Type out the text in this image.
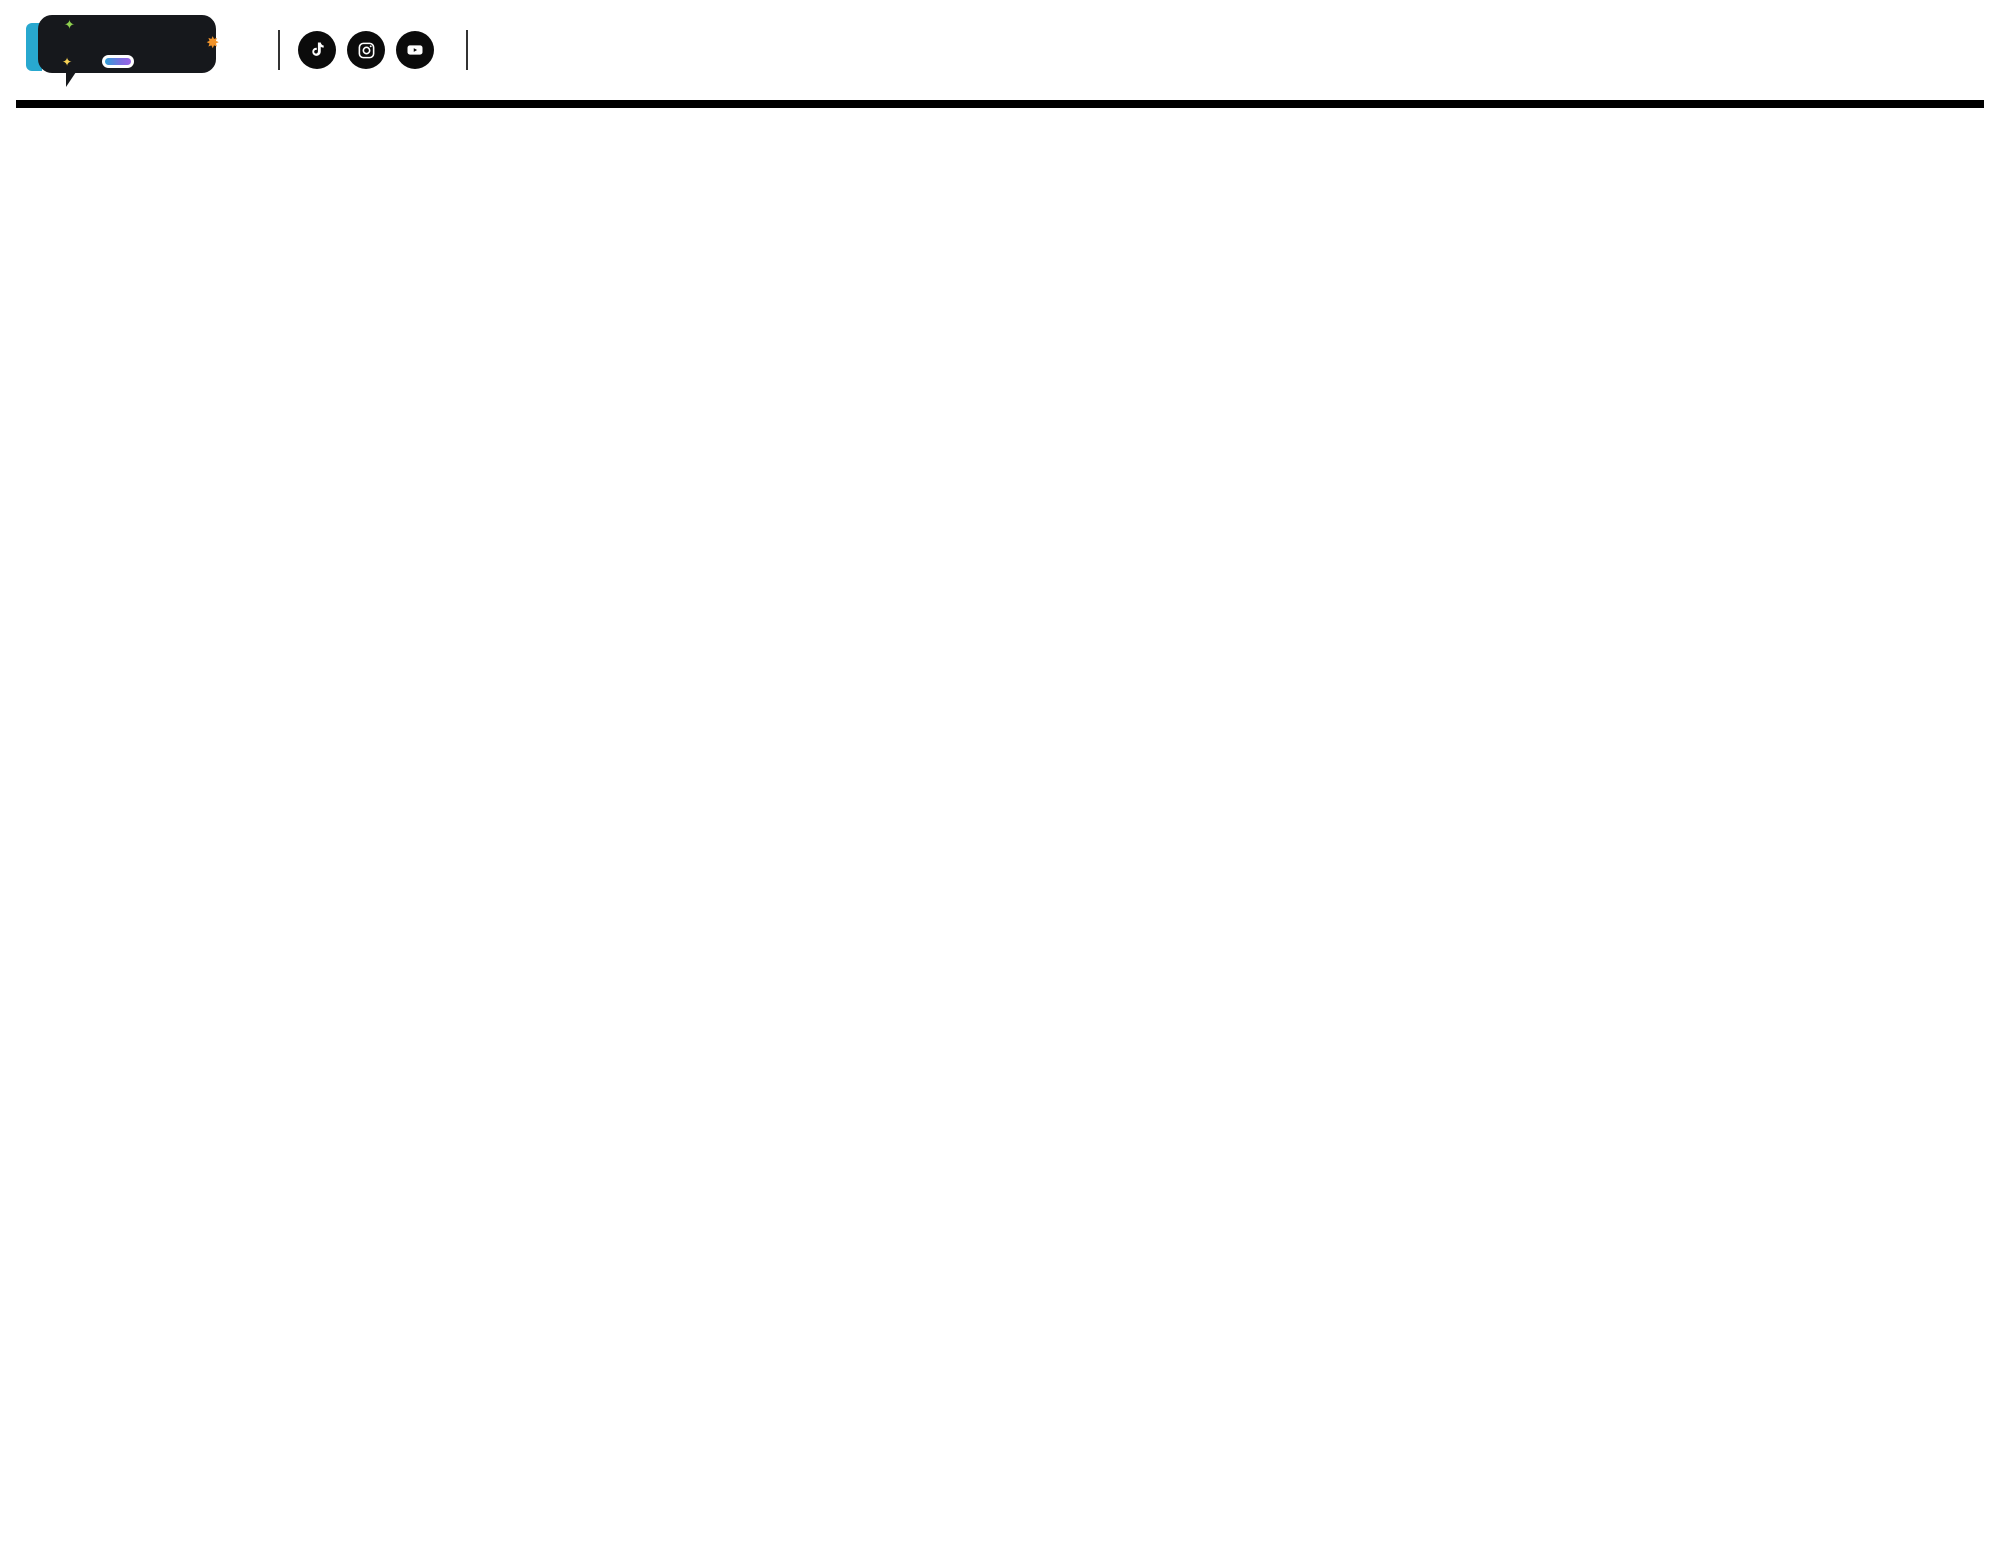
✦
✸
✦
